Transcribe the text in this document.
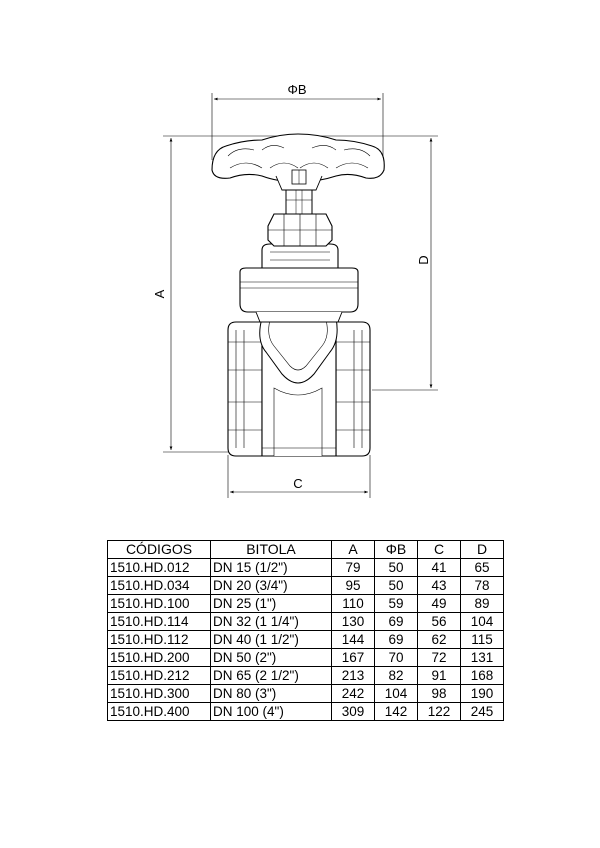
ΦB
A
D
C
CÓDIGOS	BITOLA	A	ΦB	C	D
1510.HD.012	DN 15 (1/2")	79	50	41	65
1510.HD.034	DN 20 (3/4")	95	50	43	78
1510.HD.100	DN 25 (1")	110	59	49	89
1510.HD.114	DN 32 (1 1/4")	130	69	56	104
1510.HD.112	DN 40 (1 1/2")	144	69	62	115
1510.HD.200	DN 50 (2")	167	70	72	131
1510.HD.212	DN 65 (2 1/2")	213	82	91	168
1510.HD.300	DN 80 (3")	242	104	98	190
1510.HD.400	DN 100 (4")	309	142	122	245
